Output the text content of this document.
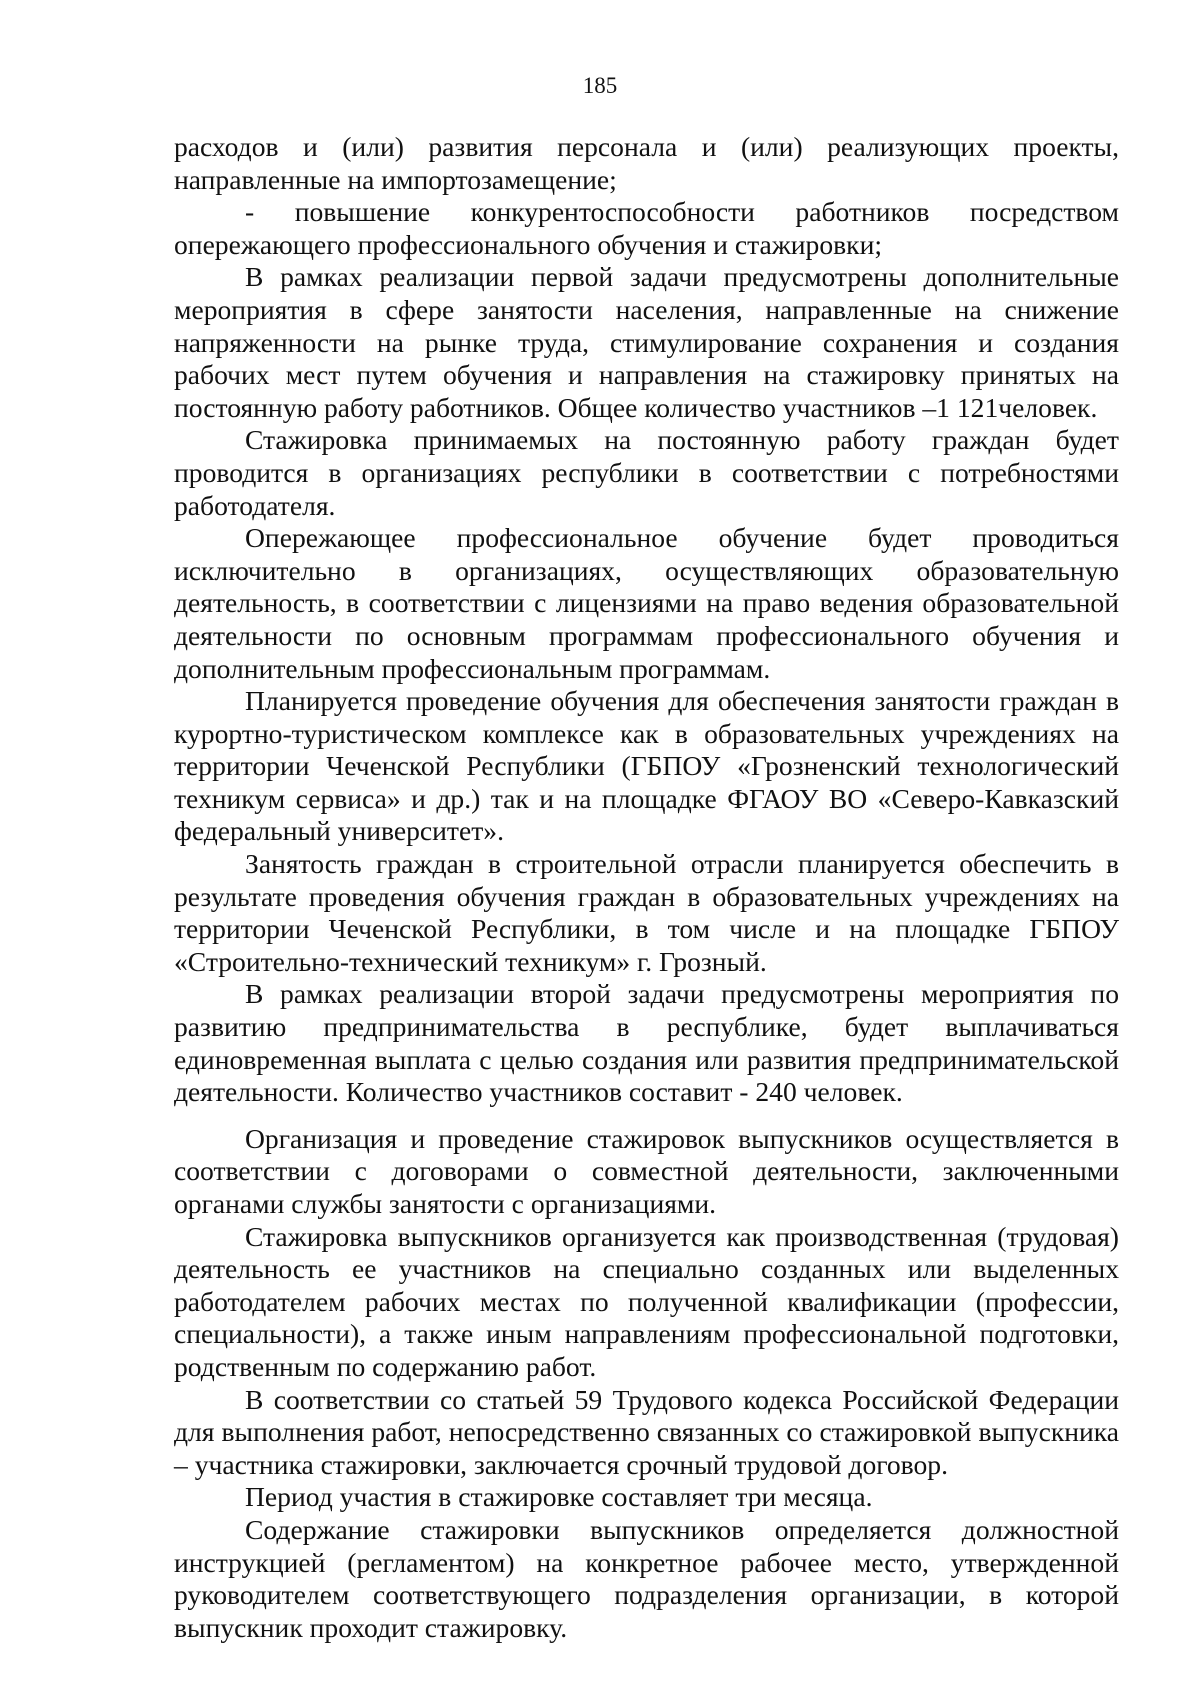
185

расходов и (или) развития персонала и (или) реализующих проекты, направленные на импортозамещение;

- повышение конкурентоспособности работников посредством опережающего профессионального обучения и стажировки;

В рамках реализации первой задачи предусмотрены дополнительные мероприятия в сфере занятости населения, направленные на снижение напряженности на рынке труда, стимулирование сохранения и создания рабочих мест путем обучения и направления на стажировку принятых на постоянную работу работников. Общее количество участников –1 121человек.

Стажировка принимаемых на постоянную работу граждан будет проводится в организациях республики в соответствии с потребностями работодателя.

Опережающее профессиональное обучение будет проводиться исключительно в организациях, осуществляющих образовательную деятельность, в соответствии с лицензиями на право ведения образовательной деятельности по основным программам профессионального обучения и дополнительным профессиональным программам.

Планируется проведение обучения для обеспечения занятости граждан в курортно-туристическом комплексе как в образовательных учреждениях на территории Чеченской Республики (ГБПОУ «Грозненский технологический техникум сервиса» и др.) так и на площадке ФГАОУ ВО «Северо-Кавказский федеральный университет».

Занятость граждан в строительной отрасли планируется обеспечить в результате проведения обучения граждан в образовательных учреждениях на территории Чеченской Республики, в том числе и на площадке ГБПОУ «Строительно-технический техникум» г. Грозный.

В рамках реализации второй задачи предусмотрены мероприятия по развитию предпринимательства в республике, будет выплачиваться единовременная выплата с целью создания или развития предпринимательской деятельности. Количество участников составит - 240 человек.

Организация и проведение стажировок выпускников осуществляется в соответствии с договорами о совместной деятельности, заключенными органами службы занятости с организациями.

Стажировка выпускников организуется как производственная (трудовая) деятельность ее участников на специально созданных или выделенных работодателем рабочих местах по полученной квалификации (профессии, специальности), а также иным направлениям профессиональной подготовки, родственным по содержанию работ.

В соответствии со статьей 59 Трудового кодекса Российской Федерации для выполнения работ, непосредственно связанных со стажировкой выпускника – участника стажировки, заключается срочный трудовой договор.

Период участия в стажировке составляет три месяца.

Содержание стажировки выпускников определяется должностной инструкцией (регламентом) на конкретное рабочее место, утвержденной руководителем соответствующего подразделения организации, в которой выпускник проходит стажировку.
